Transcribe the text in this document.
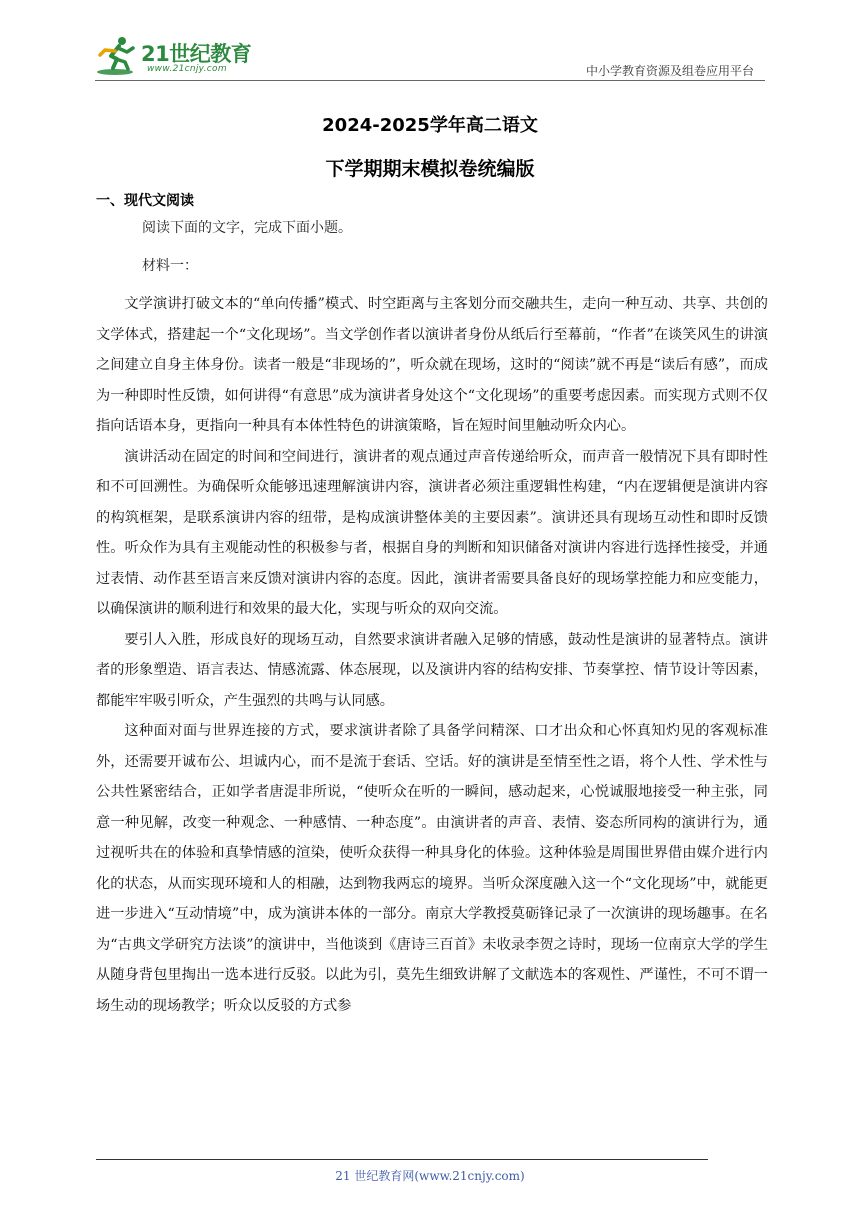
21世纪教育
www.21cnjy.com	中小学教育资源及组卷应用平台
2024-2025学年高二语文
下学期期末模拟卷统编版
一、现代文阅读
阅读下面的文字，完成下面小题。
材料一：

文学演讲打破文本的“单向传播”模式、时空距离与主客划分而交融共生，走向一种互动、共享、共创的文学体式，搭建起一个“文化现场”。当文学创作者以演讲者身份从纸后行至幕前，“作者”在谈笑风生的讲演之间建立自身主体身份。读者一般是“非现场的”，听众就在现场，这时的“阅读”就不再是“读后有感”，而成为一种即时性反馈，如何讲得“有意思”成为演讲者身处这个“文化现场”的重要考虑因素。而实现方式则不仅指向话语本身，更指向一种具有本体性特色的讲演策略，旨在短时间里触动听众内心。

演讲活动在固定的时间和空间进行，演讲者的观点通过声音传递给听众，而声音一般情况下具有即时性和不可回溯性。为确保听众能够迅速理解演讲内容，演讲者必须注重逻辑性构建，“内在逻辑便是演讲内容的构筑框架，是联系演讲内容的纽带，是构成演讲整体美的主要因素”。演讲还具有现场互动性和即时反馈性。听众作为具有主观能动性的积极参与者，根据自身的判断和知识储备对演讲内容进行选择性接受，并通过表情、动作甚至语言来反馈对演讲内容的态度。因此，演讲者需要具备良好的现场掌控能力和应变能力，以确保演讲的顺利进行和效果的最大化，实现与听众的双向交流。

要引人入胜，形成良好的现场互动，自然要求演讲者融入足够的情感，鼓动性是演讲的显著特点。演讲者的形象塑造、语言表达、情感流露、体态展现，以及演讲内容的结构安排、节奏掌控、情节设计等因素，都能牢牢吸引听众，产生强烈的共鸣与认同感。

这种面对面与世界连接的方式，要求演讲者除了具备学问精深、口才出众和心怀真知灼见的客观标准外，还需要开诚布公、坦诚内心，而不是流于套话、空话。好的演讲是至情至性之语，将个人性、学术性与公共性紧密结合，正如学者唐湜非所说，“使听众在听的一瞬间，感动起来，心悦诚服地接受一种主张，同意一种见解，改变一种观念、一种感情、一种态度”。由演讲者的声音、表情、姿态所同构的演讲行为，通过视听共在的体验和真挚情感的渲染，使听众获得一种具身化的体验。这种体验是周围世界借由媒介进行内化的状态，从而实现环境和人的相融，达到物我两忘的境界。当听众深度融入这一个“文化现场”中，就能更进一步进入“互动情境”中，成为演讲本体的一部分。南京大学教授莫砺锋记录了一次演讲的现场趣事。在名为“古典文学研究方法谈”的演讲中，当他谈到《唐诗三百首》未收录李贺之诗时，现场一位南京大学的学生从随身背包里掏出一选本进行反驳。以此为引，莫先生细致讲解了文献选本的客观性、严谨性，不可不谓一场生动的现场教学；听众以反驳的方式参

21 世纪教育网(www.21cnjy.com)
